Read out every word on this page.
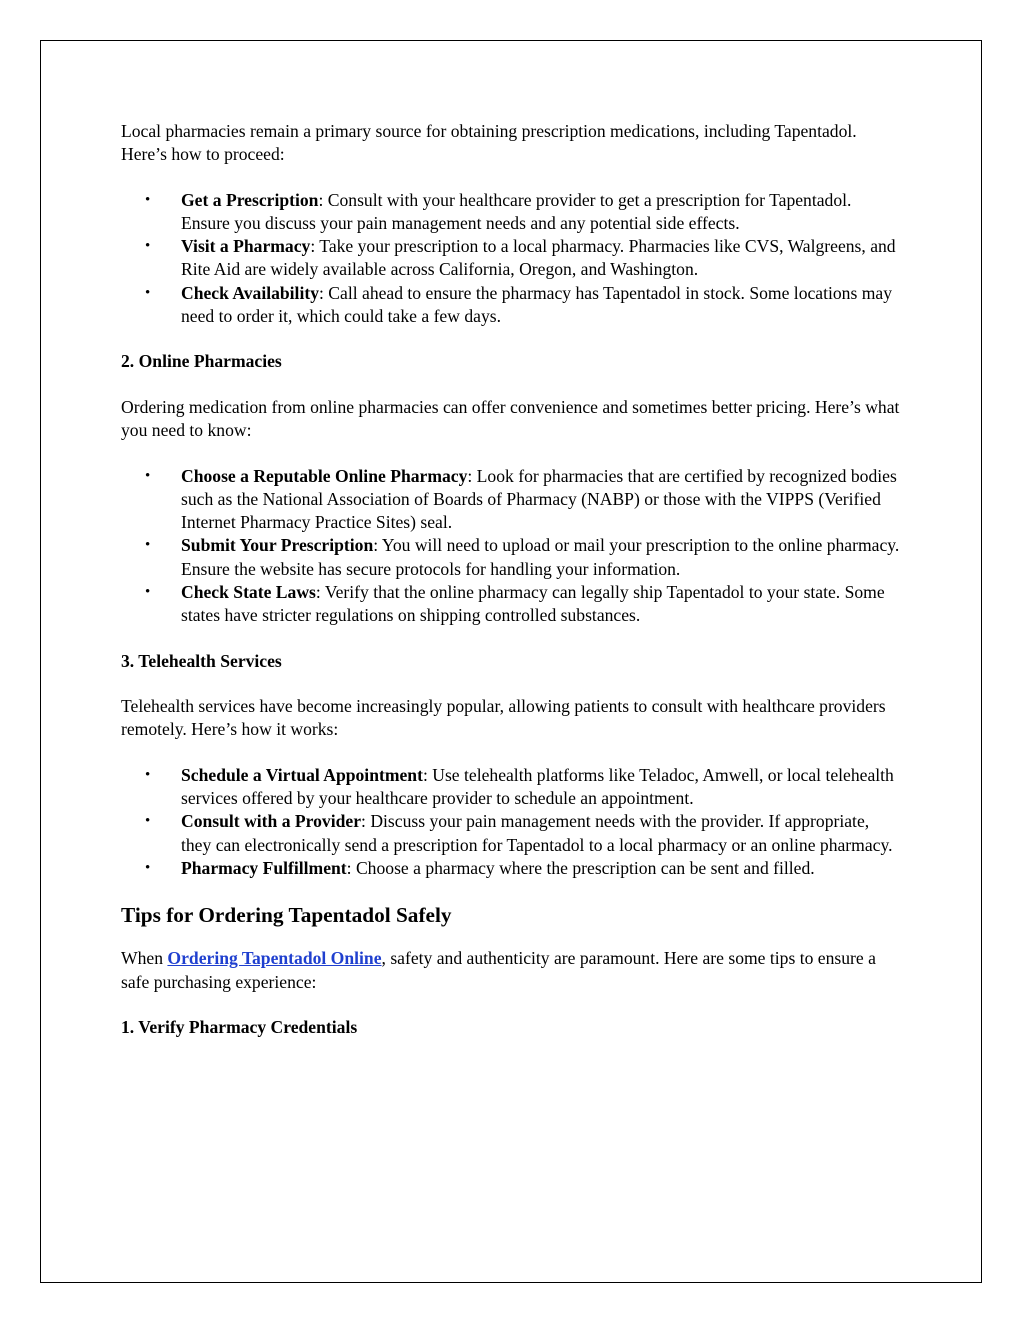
Local pharmacies remain a primary source for obtaining prescription medications, including Tapentadol. Here’s how to proceed:

• Get a Prescription: Consult with your healthcare provider to get a prescription for Tapentadol. Ensure you discuss your pain management needs and any potential side effects.
• Visit a Pharmacy: Take your prescription to a local pharmacy. Pharmacies like CVS, Walgreens, and Rite Aid are widely available across California, Oregon, and Washington.
• Check Availability: Call ahead to ensure the pharmacy has Tapentadol in stock. Some locations may need to order it, which could take a few days.

2. Online Pharmacies

Ordering medication from online pharmacies can offer convenience and sometimes better pricing. Here’s what you need to know:

• Choose a Reputable Online Pharmacy: Look for pharmacies that are certified by recognized bodies such as the National Association of Boards of Pharmacy (NABP) or those with the VIPPS (Verified Internet Pharmacy Practice Sites) seal.
• Submit Your Prescription: You will need to upload or mail your prescription to the online pharmacy. Ensure the website has secure protocols for handling your information.
• Check State Laws: Verify that the online pharmacy can legally ship Tapentadol to your state. Some states have stricter regulations on shipping controlled substances.

3. Telehealth Services

Telehealth services have become increasingly popular, allowing patients to consult with healthcare providers remotely. Here’s how it works:

• Schedule a Virtual Appointment: Use telehealth platforms like Teladoc, Amwell, or local telehealth services offered by your healthcare provider to schedule an appointment.
• Consult with a Provider: Discuss your pain management needs with the provider. If appropriate, they can electronically send a prescription for Tapentadol to a local pharmacy or an online pharmacy.
• Pharmacy Fulfillment: Choose a pharmacy where the prescription can be sent and filled.
Tips for Ordering Tapentadol Safely

When Ordering Tapentadol Online, safety and authenticity are paramount. Here are some tips to ensure a safe purchasing experience:

1. Verify Pharmacy Credentials
